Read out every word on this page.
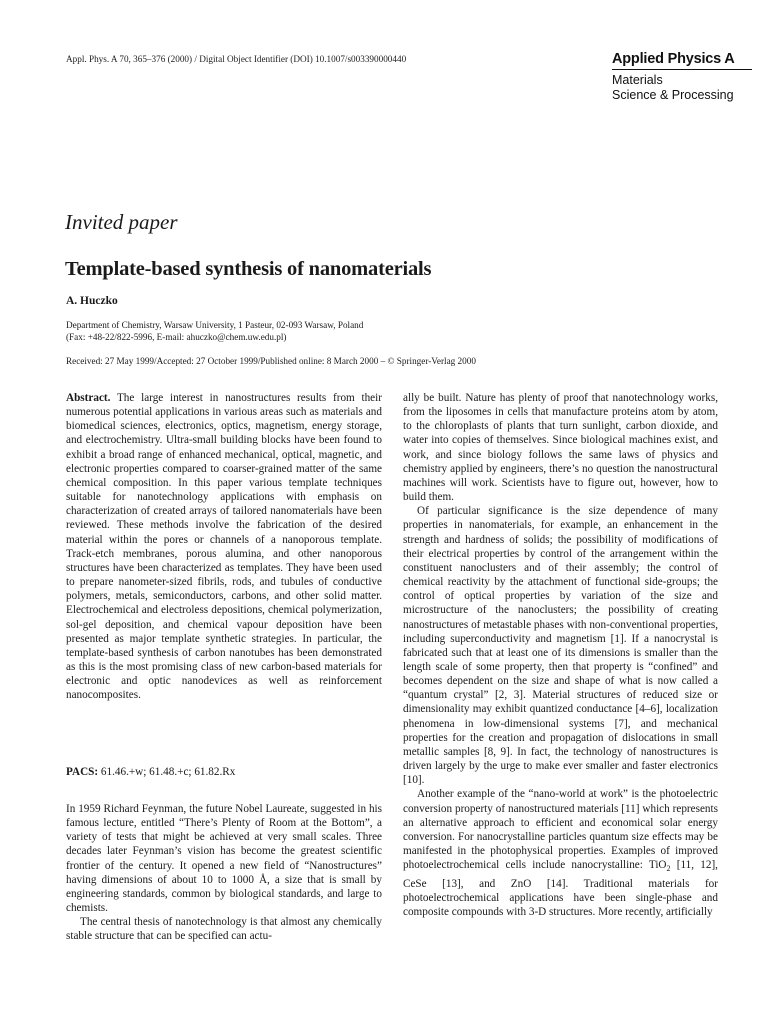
Appl. Phys. A 70, 365–376 (2000) / Digital Object Identifier (DOI) 10.1007/s003390000440	Applied Physics A
Materials
Science & Processing
Invited paper
Template-based synthesis of nanomaterials
A. Huczko
Department of Chemistry, Warsaw University, 1 Pasteur, 02-093 Warsaw, Poland
(Fax: +48-22/822-5996, E-mail: ahuczko@chem.uw.edu.pl)
Received: 27 May 1999/Accepted: 27 October 1999/Published online: 8 March 2000 – © Springer-Verlag 2000

Abstract. The large interest in nanostructures results from their numerous potential applications in various areas such as materials and biomedical sciences, electronics, optics, magnetism, energy storage, and electrochemistry. Ultra-small building blocks have been found to exhibit a broad range of enhanced mechanical, optical, magnetic, and electronic properties compared to coarser-grained matter of the same chemical composition. In this paper various template techniques suitable for nanotechnology applications with emphasis on characterization of created arrays of tailored nanomaterials have been reviewed. These methods involve the fabrication of the desired material within the pores or channels of a nanoporous template. Track-etch membranes, porous alumina, and other nanoporous structures have been characterized as templates. They have been used to prepare nanometer-sized fibrils, rods, and tubules of conductive polymers, metals, semiconductors, carbons, and other solid matter. Electrochemical and electroless depositions, chemical polymerization, sol-gel deposition, and chemical vapour deposition have been presented as major template synthetic strategies. In particular, the template-based synthesis of carbon nanotubes has been demonstrated as this is the most promising class of new carbon-based materials for electronic and optic nanodevices as well as reinforcement nanocomposites.

PACS: 61.46.+w; 61.48.+c; 61.82.Rx

In 1959 Richard Feynman, the future Nobel Laureate, suggested in his famous lecture, entitled “There’s Plenty of Room at the Bottom”, a variety of tests that might be achieved at very small scales. Three decades later Feynman’s vision has become the greatest scientific frontier of the century. It opened a new field of “Nanostructures” having dimensions of about 10 to 1000 Å, a size that is small by engineering standards, common by biological standards, and large to chemists.

The central thesis of nanotechnology is that almost any chemically stable structure that can be specified can actu-

ally be built. Nature has plenty of proof that nanotechnology works, from the liposomes in cells that manufacture proteins atom by atom, to the chloroplasts of plants that turn sunlight, carbon dioxide, and water into copies of themselves. Since biological machines exist, and work, and since biology follows the same laws of physics and chemistry applied by engineers, there’s no question the nanostructural machines will work. Scientists have to figure out, however, how to build them.

Of particular significance is the size dependence of many properties in nanomaterials, for example, an enhancement in the strength and hardness of solids; the possibility of modifications of their electrical properties by control of the arrangement within the constituent nanoclusters and of their assembly; the control of chemical reactivity by the attachment of functional side-groups; the control of optical properties by variation of the size and microstructure of the nanoclusters; the possibility of creating nanostructures of metastable phases with non-conventional properties, including superconductivity and magnetism [1]. If a nanocrystal is fabricated such that at least one of its dimensions is smaller than the length scale of some property, then that property is “confined” and becomes dependent on the size and shape of what is now called a “quantum crystal” [2, 3]. Material structures of reduced size or dimensionality may exhibit quantized conductance [4–6], localization phenomena in low-dimensional systems [7], and mechanical properties for the creation and propagation of dislocations in small metallic samples [8, 9]. In fact, the technology of nanostructures is driven largely by the urge to make ever smaller and faster electronics [10].

Another example of the “nano-world at work” is the photoelectric conversion property of nanostructured materials [11] which represents an alternative approach to efficient and economical solar energy conversion. For nanocrystalline particles quantum size effects may be manifested in the photophysical properties. Examples of improved photoelectrochemical cells include nanocrystalline: TiO$_2$ [11, 12], CeSe [13], and ZnO [14]. Traditional materials for photoelectrochemical applications have been single-phase and composite compounds with 3-D structures. More recently, artificially
